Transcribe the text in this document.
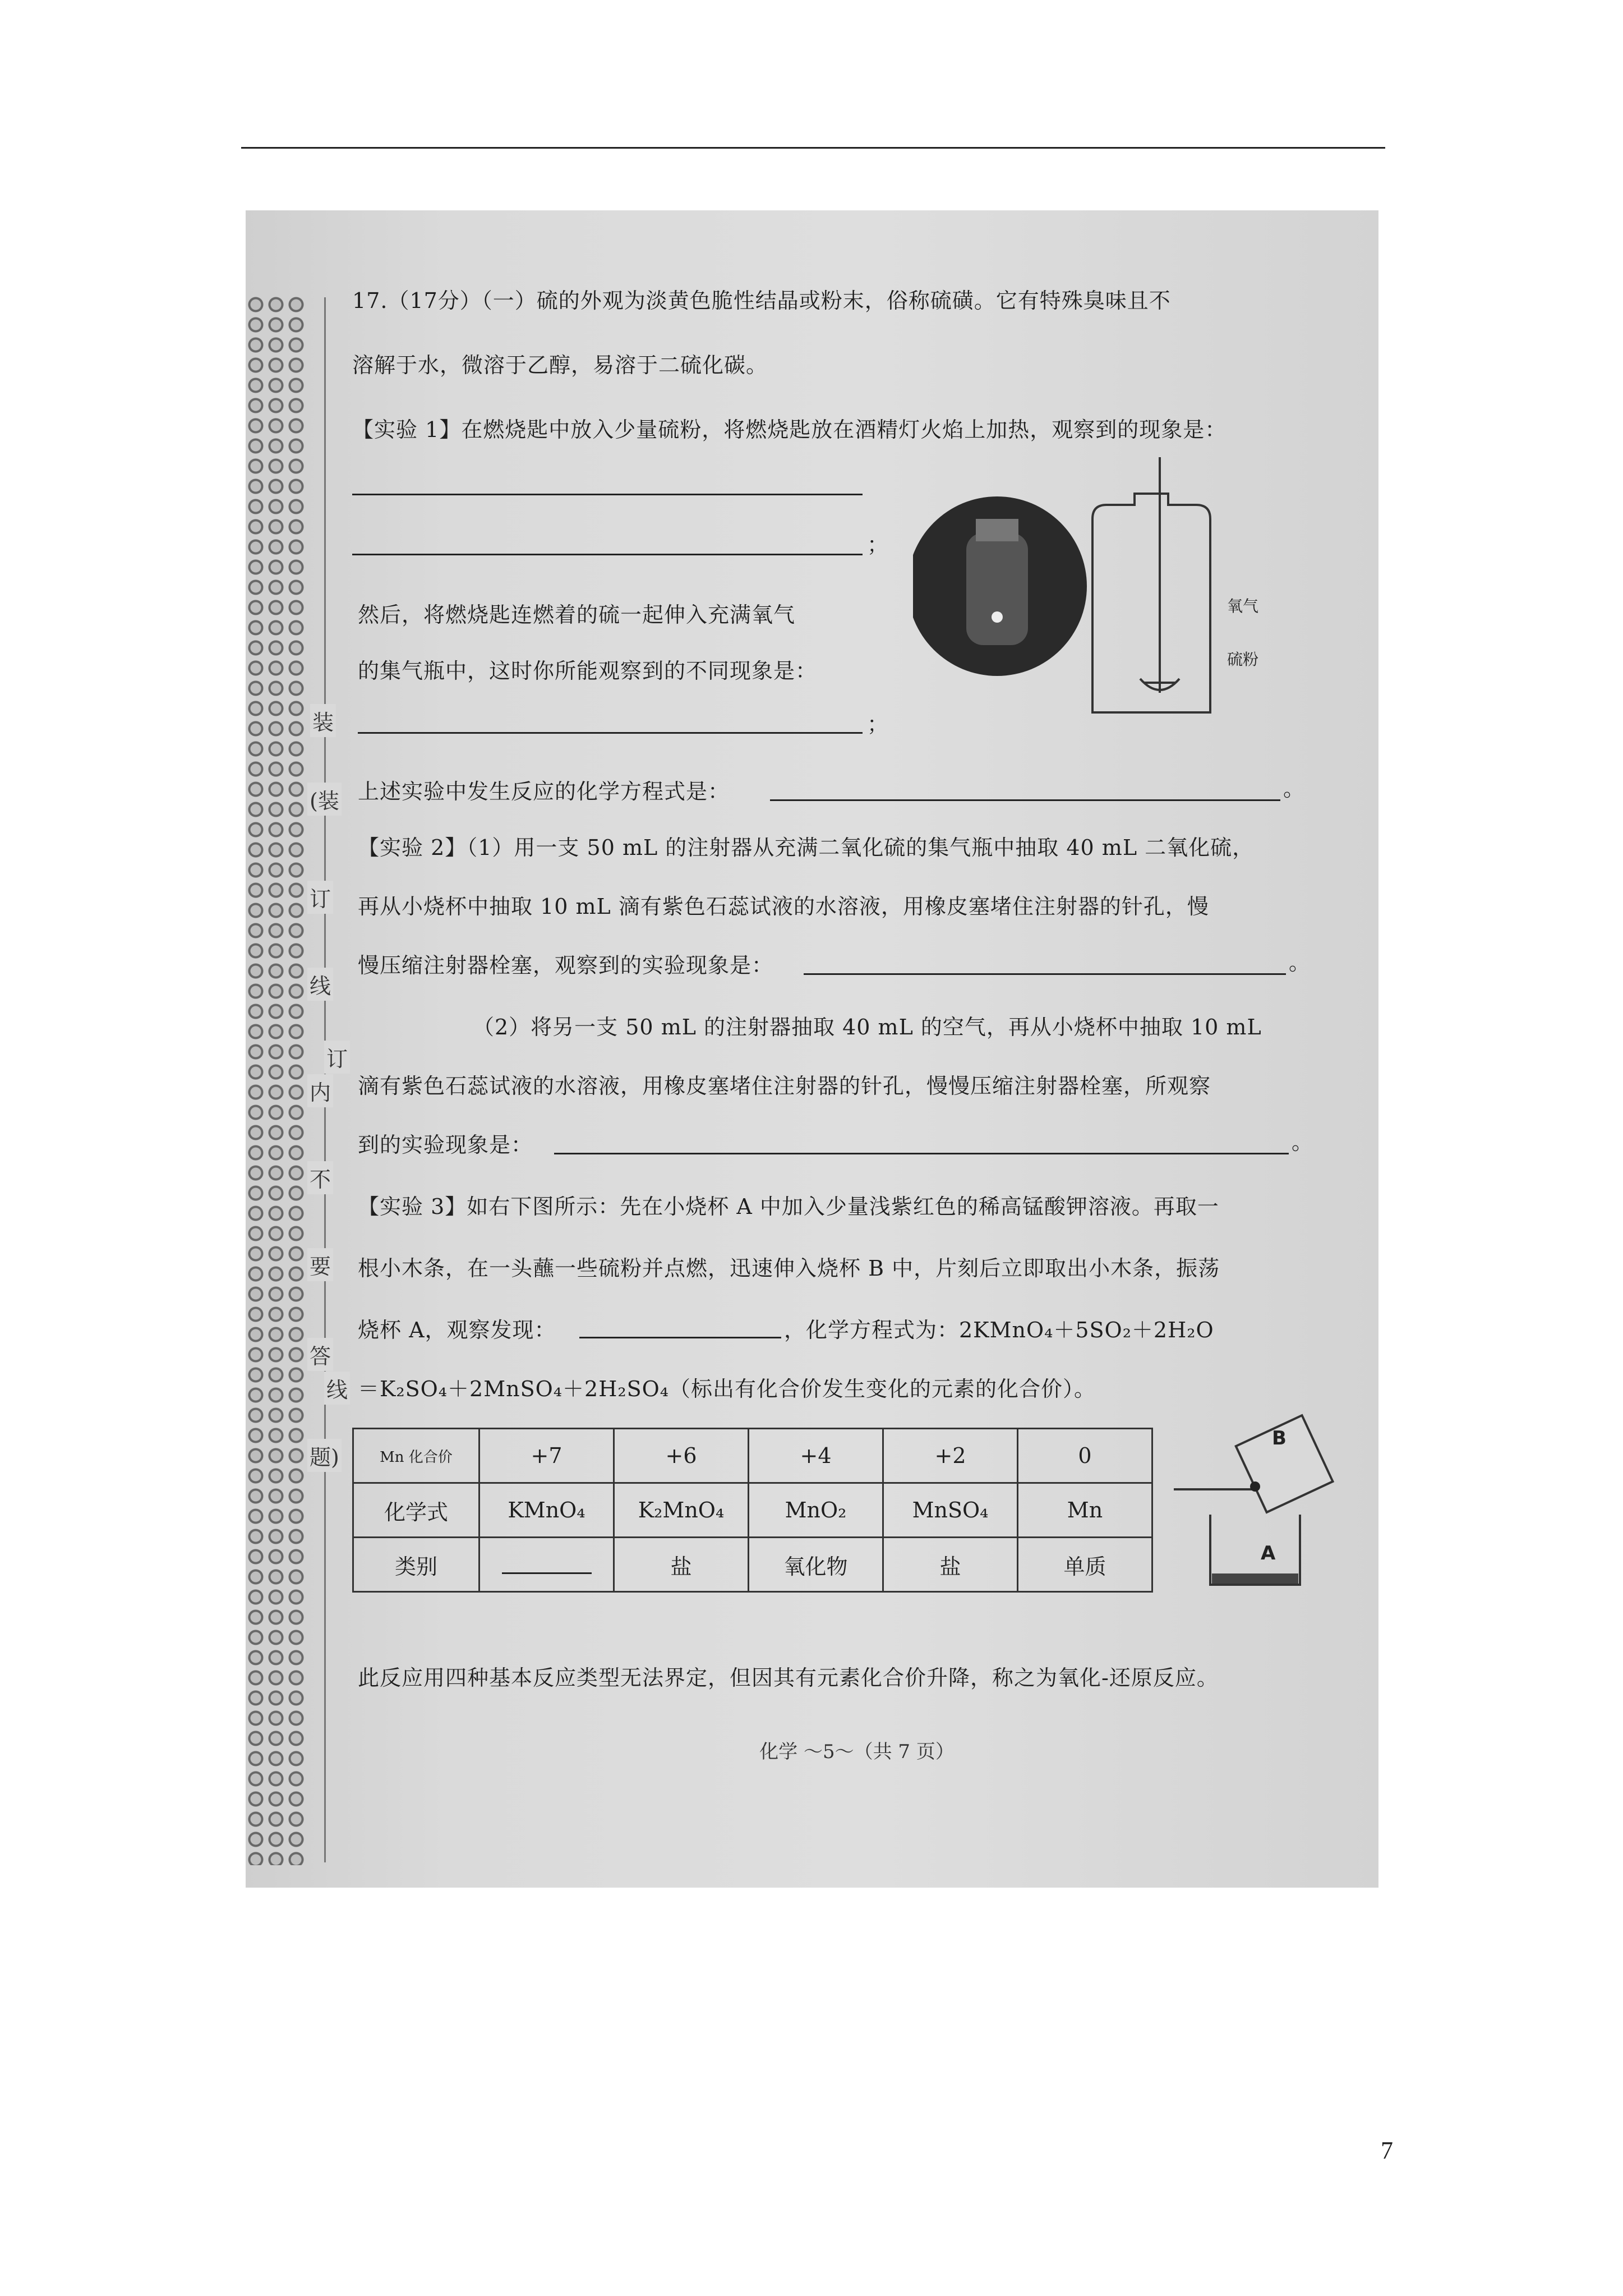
装
(装
订
线
订
内
不
要
答
线
题)
17.（17分）（一）硫的外观为淡黄色脆性结晶或粉末，俗称硫磺。它有特殊臭味且不
溶解于水，微溶于乙醇，易溶于二硫化碳。
【实验 1】在燃烧匙中放入少量硫粉，将燃烧匙放在酒精灯火焰上加热，观察到的现象是：
；
然后，将燃烧匙连燃着的硫一起伸入充满氧气
的集气瓶中，这时你所能观察到的不同现象是：
；
上述实验中发生反应的化学方程式是：	。
【实验 2】（1）用一支 50 mL 的注射器从充满二氧化硫的集气瓶中抽取 40 mL 二氧化硫，
再从小烧杯中抽取 10 mL 滴有紫色石蕊试液的水溶液，用橡皮塞堵住注射器的针孔，慢
慢压缩注射器栓塞，观察到的实验现象是：	。
（2）将另一支 50 mL 的注射器抽取 40 mL 的空气，再从小烧杯中抽取 10 mL
滴有紫色石蕊试液的水溶液，用橡皮塞堵住注射器的针孔，慢慢压缩注射器栓塞，所观察
到的实验现象是：	。
【实验 3】如右下图所示：先在小烧杯 A 中加入少量浅紫红色的稀高锰酸钾溶液。再取一
根小木条，在一头蘸一些硫粉并点燃，迅速伸入烧杯 B 中，片刻后立即取出小木条，振荡
烧杯 A，观察发现：	，化学方程式为：2KMnO₄＋5SO₂＋2H₂O
＝K₂SO₄＋2MnSO₄＋2H₂SO₄（标出有化合价发生变化的元素的化合价）。
Mn 化合价	+7	+6	+4	+2	0
化学式	KMnO₄	K₂MnO₄	MnO₂	MnSO₄	Mn
类别		盐	氧化物	盐	单质
此反应用四种基本反应类型无法界定，但因其有元素化合价升降，称之为氧化-还原反应。
化学 ～5～（共 7 页）
氧气
硫粉
B
A
7
